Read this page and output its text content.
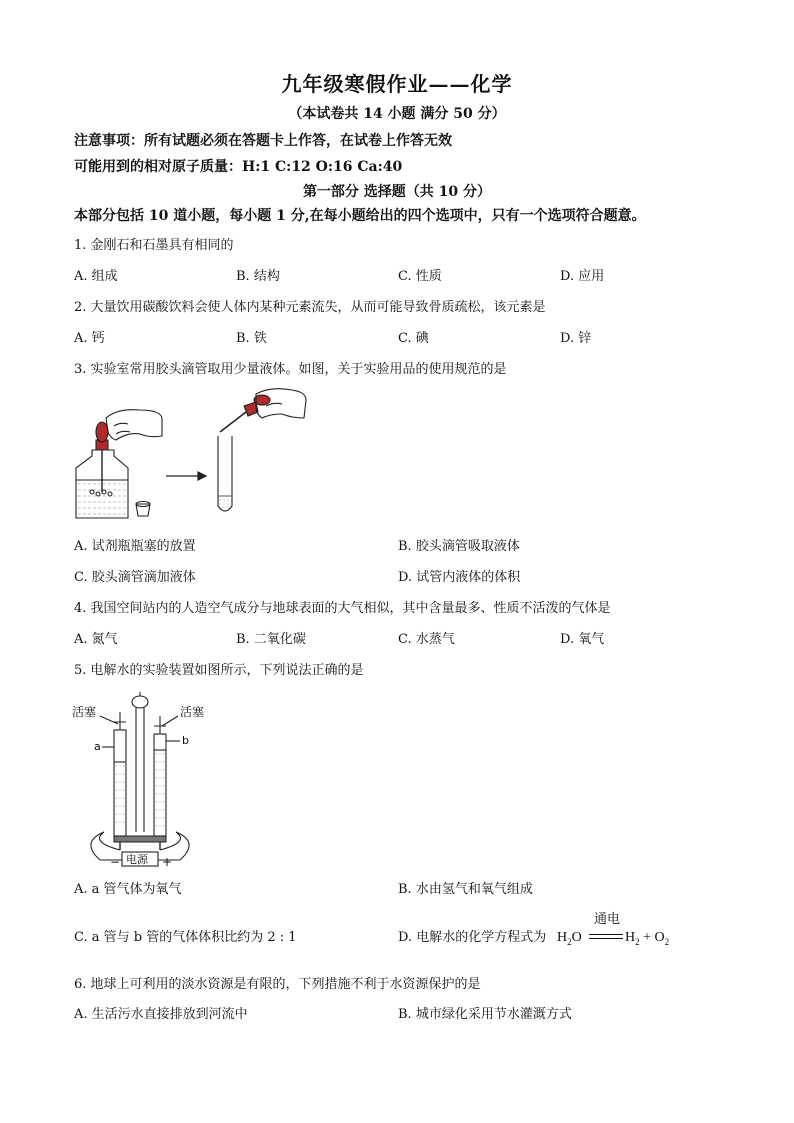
九年级寒假作业——化学
（本试卷共 14 小题 满分 50 分）
注意事项：所有试题必须在答题卡上作答，在试卷上作答无效
可能用到的相对原子质量：H:1 C:12 O:16 Ca:40
第一部分 选择题（共 10 分）
本部分包括 10 道小题，每小题 1 分,在每小题给出的四个选项中，只有一个选项符合题意。
1. 金刚石和石墨具有相同的
A. 组成	B. 结构	C. 性质	D. 应用
2. 大量饮用碳酸饮料会使人体内某种元素流失，从而可能导致骨质疏松，该元素是
A. 钙	B. 铁	C. 碘	D. 锌
3. 实验室常用胶头滴管取用少量液体。如图，关于实验用品的使用规范的是
A. 试剂瓶瓶塞的放置	B. 胶头滴管吸取液体
C. 胶头滴管滴加液体	D. 试管内液体的体积
4. 我国空间站内的人造空气成分与地球表面的大气相似，其中含量最多、性质不活泼的气体是
A. 氮气	B. 二氧化碳	C. 水蒸气	D. 氧气
5. 电解水的实验装置如图所示，下列说法正确的是
活塞	活塞
a	b
电源
−	+
A. a 管气体为氧气	B. 水由氢气和氧气组成
C. a 管与 b 管的气体体积比约为 2 : 1	D. 电解水的化学方程式为 $H_2O$
通电
$H_2 + O_2$
6. 地球上可利用的淡水资源是有限的，下列措施不利于水资源保护的是
A. 生活污水直接排放到河流中	B. 城市绿化采用节水灌溉方式
